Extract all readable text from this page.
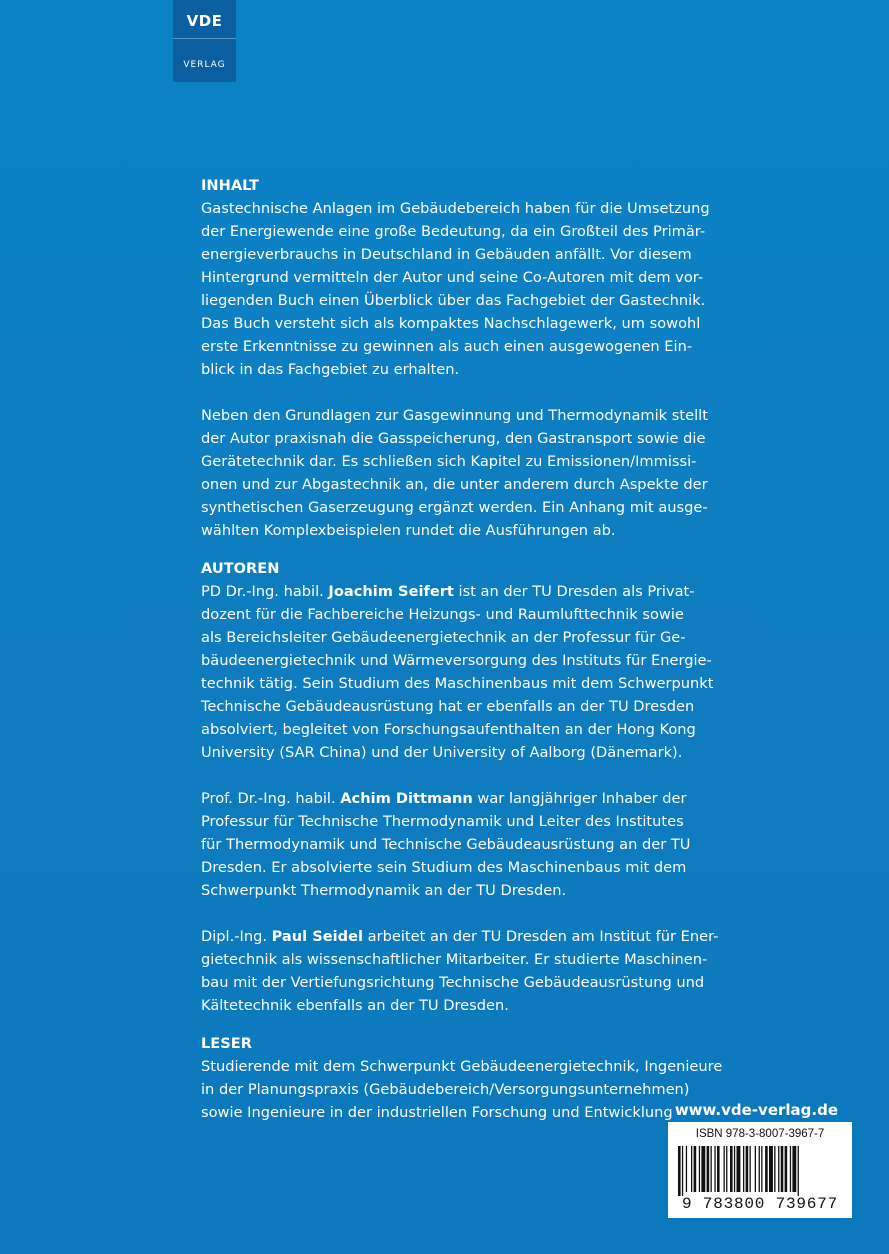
VDE
VERLAG
INHALT
Gastechnische Anlagen im Gebäudebereich haben für die Umsetzung
der Energiewende eine große Bedeutung, da ein Großteil des Primär-
energieverbrauchs in Deutschland in Gebäuden anfällt. Vor diesem
Hintergrund vermitteln der Autor und seine Co-Autoren mit dem vor-
liegenden Buch einen Überblick über das Fachgebiet der Gastechnik.
Das Buch versteht sich als kompaktes Nachschlagewerk, um sowohl
erste Erkenntnisse zu gewinnen als auch einen ausgewogenen Ein-
blick in das Fachgebiet zu erhalten.
Neben den Grundlagen zur Gasgewinnung und Thermodynamik stellt
der Autor praxisnah die Gasspeicherung, den Gastransport sowie die
Gerätetechnik dar. Es schließen sich Kapitel zu Emissionen/Immissi-
onen und zur Abgastechnik an, die unter anderem durch Aspekte der
synthetischen Gaserzeugung ergänzt werden. Ein Anhang mit ausge-
wählten Komplexbeispielen rundet die Ausführungen ab.
AUTOREN
PD Dr.-Ing. habil. Joachim Seifert ist an der TU Dresden als Privat-
dozent für die Fachbereiche Heizungs- und Raumlufttechnik sowie
als Bereichsleiter Gebäudeenergietechnik an der Professur für Ge-
bäudeenergietechnik und Wärmeversorgung des Instituts für Energie-
technik tätig. Sein Studium des Maschinenbaus mit dem Schwerpunkt
Technische Gebäudeausrüstung hat er ebenfalls an der TU Dresden
absolviert, begleitet von Forschungsaufenthalten an der Hong Kong
University (SAR China) und der University of Aalborg (Dänemark).
Prof. Dr.-Ing. habil. Achim Dittmann war langjähriger Inhaber der
Professur für Technische Thermodynamik und Leiter des Institutes
für Thermodynamik und Technische Gebäudeausrüstung an der TU
Dresden. Er absolvierte sein Studium des Maschinenbaus mit dem
Schwerpunkt Thermodynamik an der TU Dresden.
Dipl.-Ing. Paul Seidel arbeitet an der TU Dresden am Institut für Ener-
gietechnik als wissenschaftlicher Mitarbeiter. Er studierte Maschinen-
bau mit der Vertiefungsrichtung Technische Gebäudeausrüstung und
Kältetechnik ebenfalls an der TU Dresden.
LESER
Studierende mit dem Schwerpunkt Gebäudeenergietechnik, Ingenieure
in der Planungspraxis (Gebäudebereich/Versorgungsunternehmen)
sowie Ingenieure in der industriellen Forschung und Entwicklung www.vde-verlag.de
ISBN 978-3-8007-3967-7
9 783800 739677
